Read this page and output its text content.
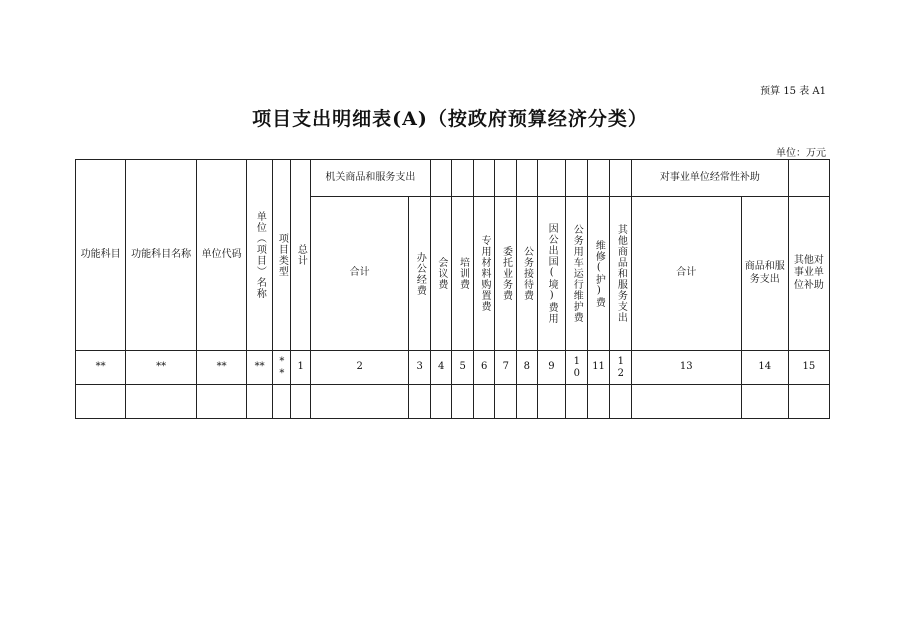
预算 15 表 A1
项目支出明细表(A)（按政府预算经济分类）
单位：万元
功能科目	功能科目名称	单位代码	单位（项目）名称	项目类型	总计	机关商品和服务支出											对事业单位经常性补助		
						合计	办公经费	会议费	培训费	专用材料购置费	委托业务费	公务接待费	因公出国(境)费用	公务用车运行维护费	维修(护)费	其他商品和服务支出	合计	商品和服务支出	其他对事业单位补助
**	**	**	**	**	1	2	3	4	5	6	7	8	9	10	11	12	13	14	15
